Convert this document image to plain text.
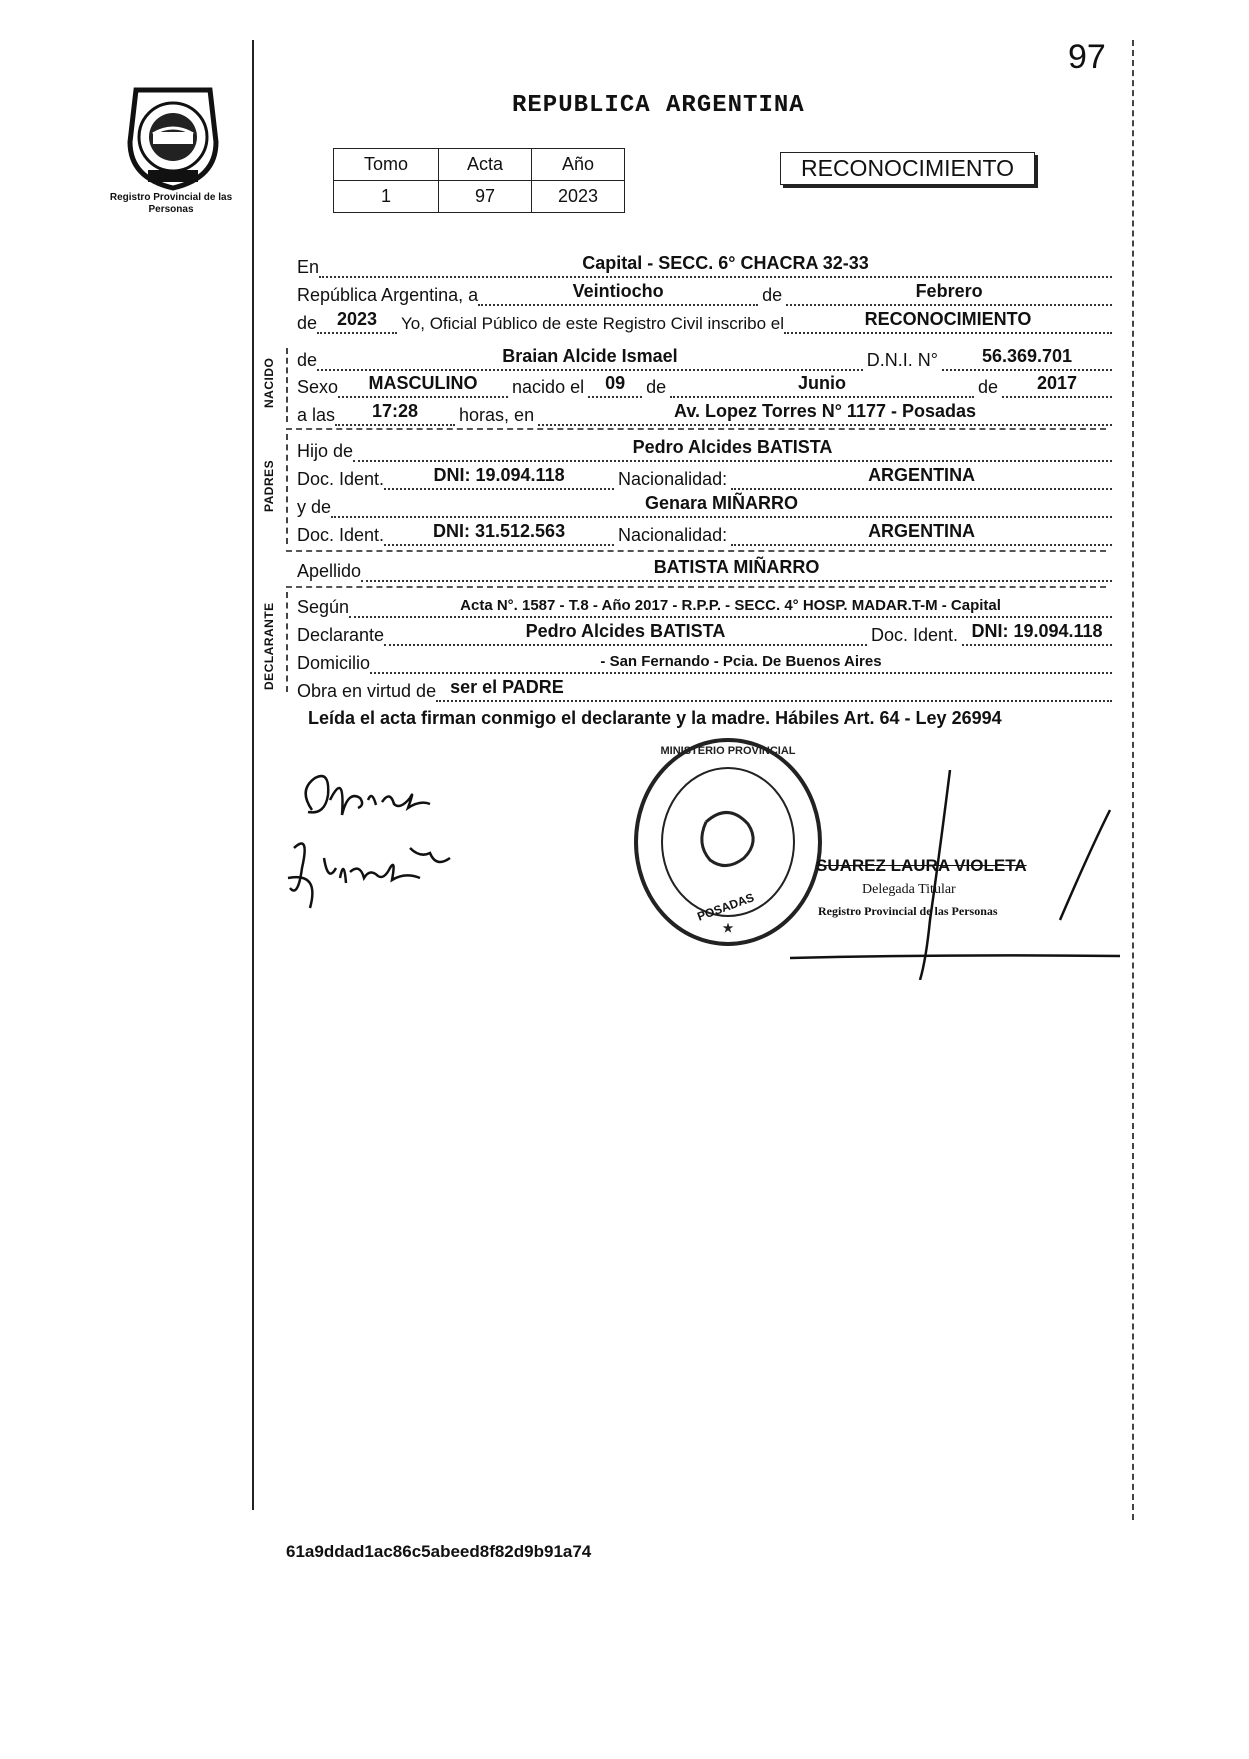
97
Registro Provincial de las Personas
REPUBLICA ARGENTINA
Tomo	Acta	Año
1	97	2023
RECONOCIMIENTO
NACIDO
PADRES
DECLARANTE
En	Capital - SECC. 6° CHACRA 32-33
República Argentina, a	Veintiocho	de	Febrero
de	2023	Yo, Oficial Público de este Registro Civil inscribo el	RECONOCIMIENTO
de	Braian Alcide Ismael	D.N.I. N°	56.369.701
Sexo	MASCULINO	nacido el	09	de	Junio	de	2017
a las	17:28	horas, en	Av. Lopez Torres N° 1177 - Posadas
Hijo de	Pedro Alcides BATISTA
Doc. Ident.	DNI: 19.094.118	Nacionalidad:	ARGENTINA
y de	Genara MIÑARRO
Doc. Ident.	DNI: 31.512.563	Nacionalidad:	ARGENTINA
Apellido	BATISTA MIÑARRO
Según	Acta N°. 1587 - T.8 - Año 2017 - R.P.P. - SECC. 4° HOSP. MADAR.T-M - Capital
Declarante	Pedro Alcides BATISTA	Doc. Ident. DNI: 19.094.118
Domicilio	- San Fernando - Pcia. De Buenos Aires
Obra en virtud de ser el PADRE
Leída el acta firman conmigo el declarante y la madre. Hábiles Art. 64 - Ley 26994
MINISTERIO PROVINCIAL
★
POSADAS
SUAREZ LAURA VIOLETA
Delegada Titular
Registro Provincial de las Personas
61a9ddad1ac86c5abeed8f82d9b91a74
